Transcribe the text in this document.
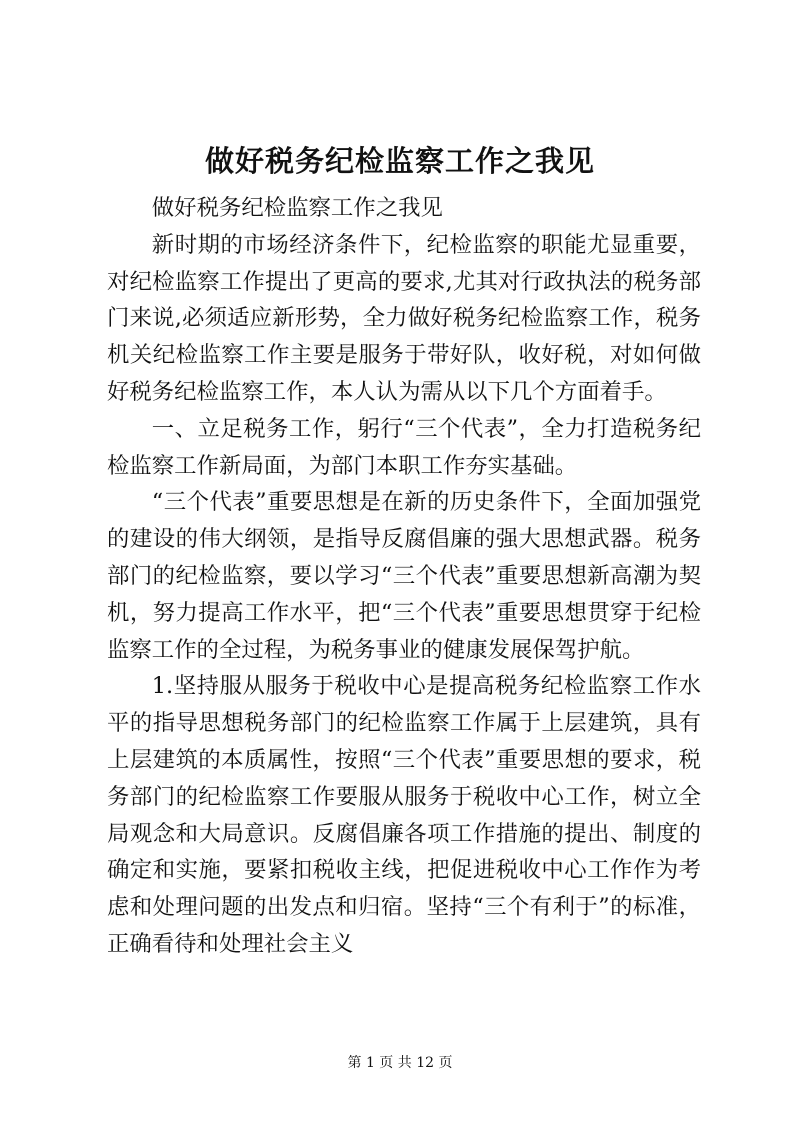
做好税务纪检监察工作之我见

做好税务纪检监察工作之我见

新时期的市场经济条件下，纪检监察的职能尤显重要，对纪检监察工作提出了更高的要求,尤其对行政执法的税务部门来说,必须适应新形势，全力做好税务纪检监察工作，税务机关纪检监察工作主要是服务于带好队，收好税，对如何做好税务纪检监察工作，本人认为需从以下几个方面着手。

一、立足税务工作，躬行“三个代表”，全力打造税务纪检监察工作新局面，为部门本职工作夯实基础。

“三个代表”重要思想是在新的历史条件下，全面加强党的建设的伟大纲领，是指导反腐倡廉的强大思想武器。税务部门的纪检监察，要以学习“三个代表”重要思想新高潮为契机，努力提高工作水平，把“三个代表”重要思想贯穿于纪检监察工作的全过程，为税务事业的健康发展保驾护航。

1.坚持服从服务于税收中心是提高税务纪检监察工作水平的指导思想税务部门的纪检监察工作属于上层建筑，具有上层建筑的本质属性，按照“三个代表”重要思想的要求，税务部门的纪检监察工作要服从服务于税收中心工作，树立全局观念和大局意识。反腐倡廉各项工作措施的提出、制度的确定和实施，要紧扣税收主线，把促进税收中心工作作为考虑和处理问题的出发点和归宿。坚持“三个有利于”的标准，正确看待和处理社会主义

第 1 页 共 12 页
